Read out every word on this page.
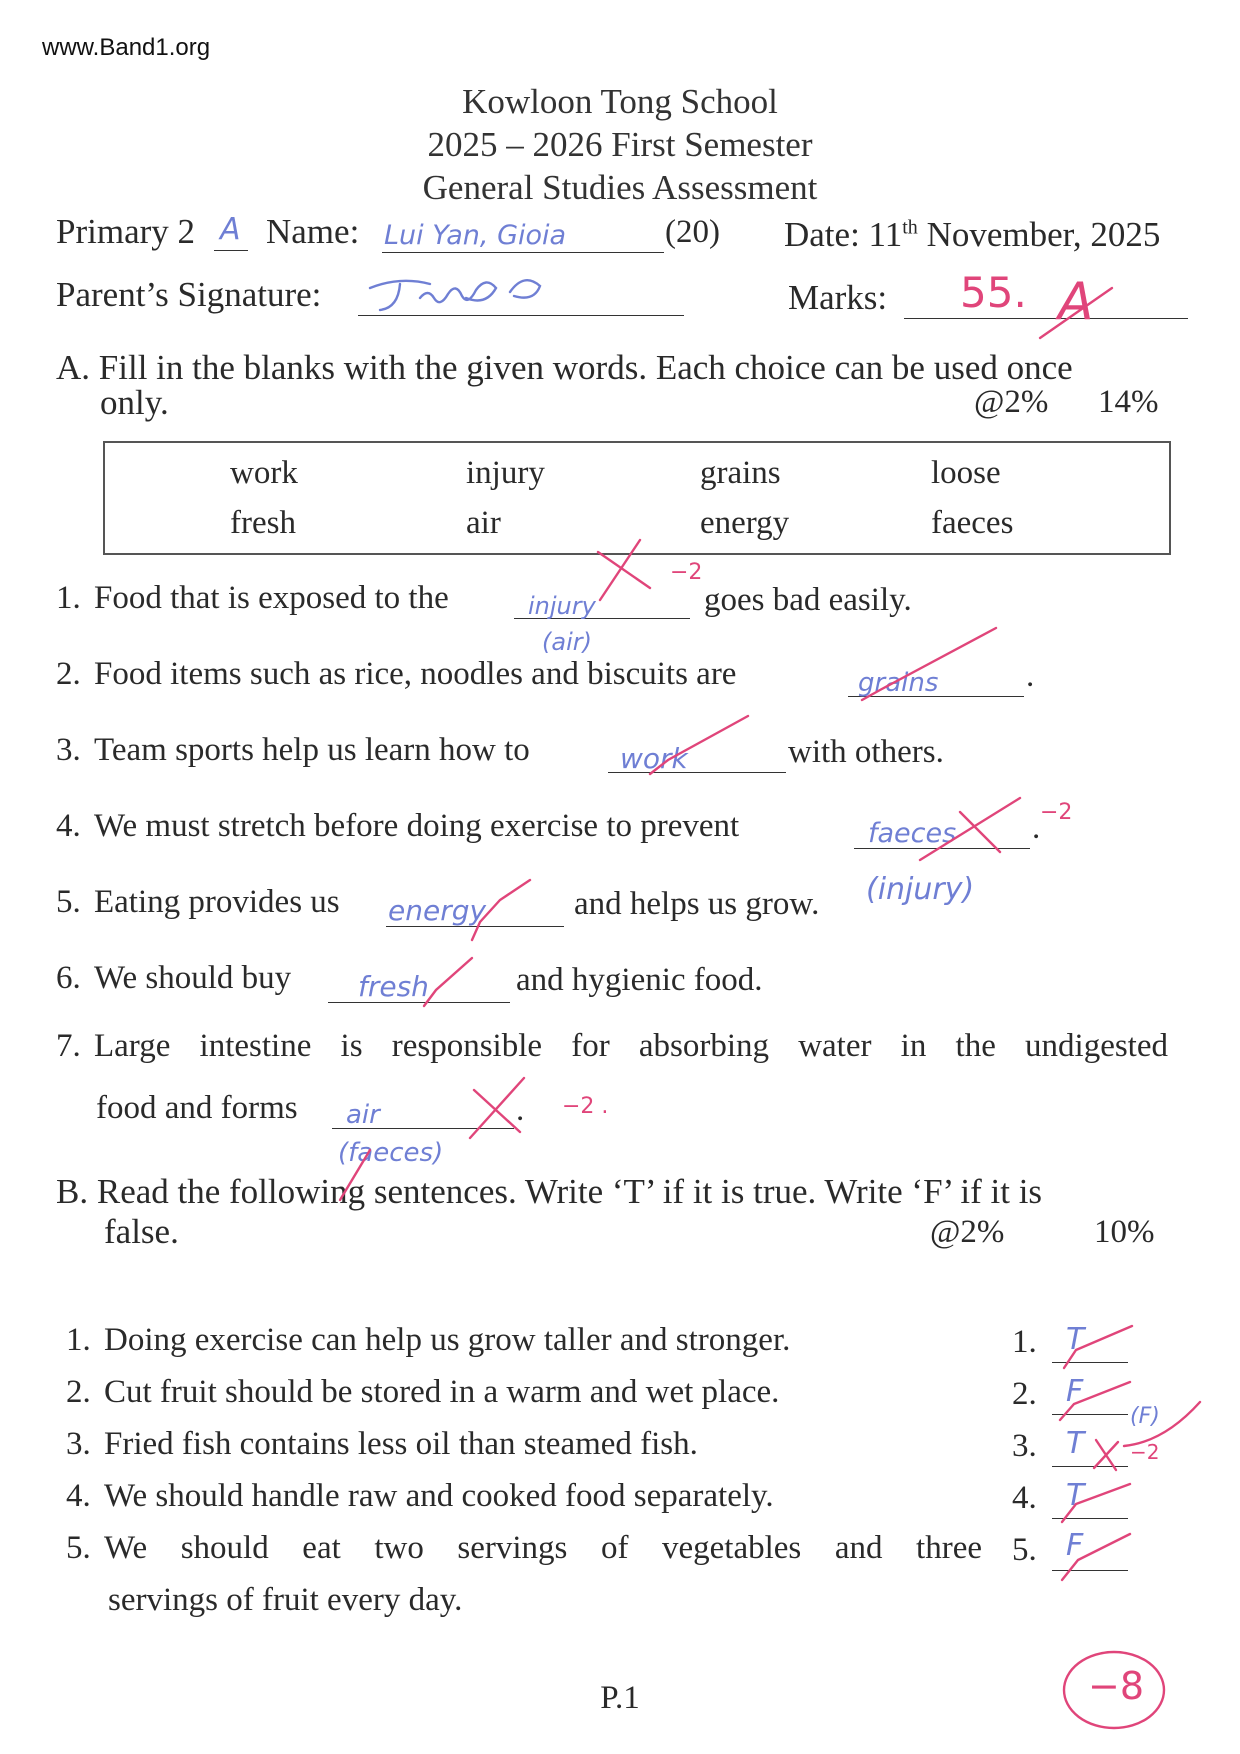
www.Band1.org
Kowloon Tong School
2025 – 2026 First Semester
General Studies Assessment
Primary 2 A Name: Lui Yan, Gioia	(20) Date: 11th November, 2025
Parent’s Signature:	Marks: 55. A
A. Fill in the blanks with the given words. Each choice can be used once
only.	@2% 14%
work	injury	grains	loose
fresh	air	energy	faeces
1. Food that is exposed to the	injury	goes bad easily.
(air)
−2
2. Food items such as rice, noodles and biscuits are	grains	.
3. Team sports help us learn how to	work	with others.
4. We must stretch before doing exercise to prevent	faeces . −2
5. Eating provides us energy	and helps us grow. (injury)
6. We should buy fresh	and hygienic food.
7. Large intestine is responsible for absorbing water in the undigested
food and forms air	.
(faeces)
−2 .
B. Read the following sentences. Write ‘T’ if it is true. Write ‘F’ if it is
false.	@2%	10%
1. Doing exercise can help us grow taller and stronger.	1. T
2. Cut fruit should be stored in a warm and wet place.	2. F
3. Fried fish contains less oil than steamed fish.	3. T
(F)
−2
4. We should handle raw and cooked food separately.	4. T
5. We should eat two servings of vegetables and three
servings of fruit every day.
5. F
−8
P.1
